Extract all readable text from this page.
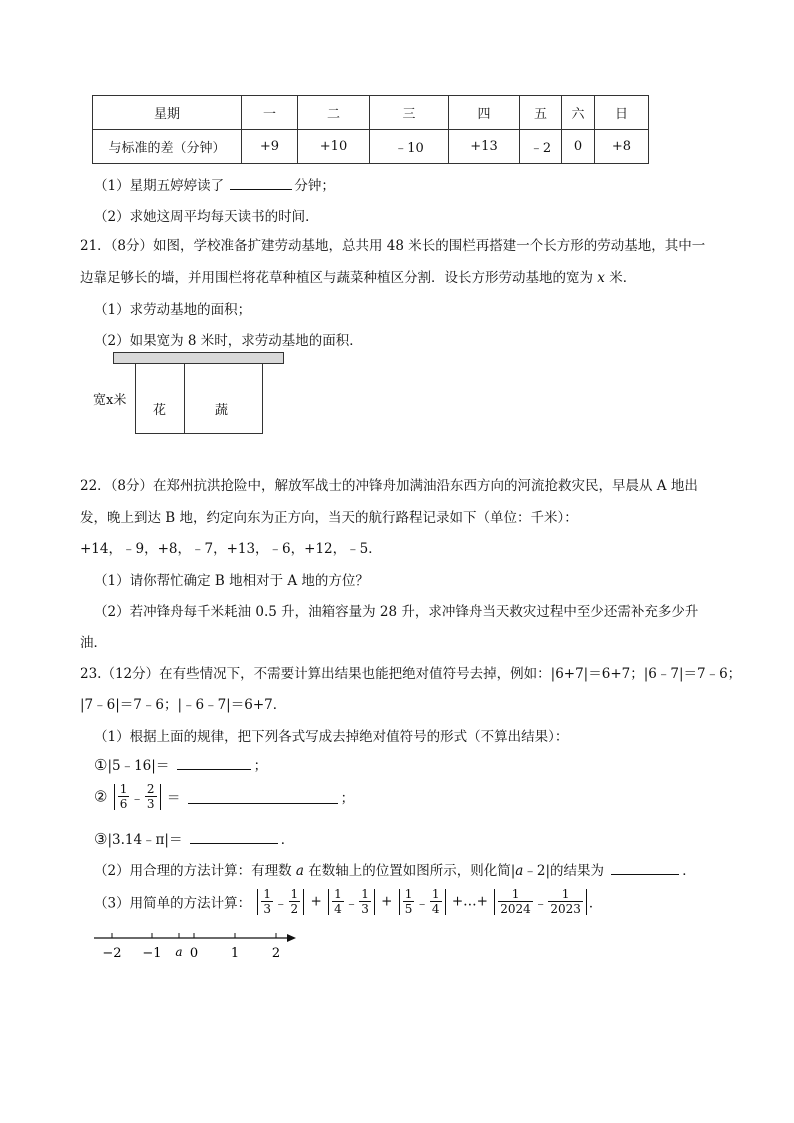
星期	一	二	三	四	五	六	日
与标准的差（分钟）	+9	+10	﹣10	+13	﹣2	0	+8
（1）星期五婷婷读了	分钟；
（2）求她这周平均每天读书的时间．
21．（8分）如图，学校准备扩建劳动基地，总共用 48 米长的围栏再搭建一个长方形的劳动基地，其中一
边靠足够长的墙，并用围栏将花草种植区与蔬菜种植区分割．设长方形劳动基地的宽为 x 米．
（1）求劳动基地的面积；
（2）如果宽为 8 米时，求劳动基地的面积．
宽x米
花	蔬
22．（8分）在郑州抗洪抢险中，解放军战士的冲锋舟加满油沿东西方向的河流抢救灾民，早晨从 A 地出
发，晚上到达 B 地，约定向东为正方向，当天的航行路程记录如下（单位：千米）：
+14，﹣9，+8，﹣7，+13，﹣6，+12，﹣5．
（1）请你帮忙确定 B 地相对于 A 地的方位？
（2）若冲锋舟每千米耗油 0.5 升，油箱容量为 28 升，求冲锋舟当天救灾过程中至少还需补充多少升
油．
23.（12分）在有些情况下，不需要计算出结果也能把绝对值符号去掉，例如：|6+7|＝6+7；|6﹣7|＝7﹣6；
|7﹣6|＝7﹣6；|﹣6﹣7|＝6+7．
（1）根据上面的规律，把下列各式写成去掉绝对值符号的形式（不算出结果）：
①|5﹣16|＝	；
② $\frac{1}{6}$ ﹣ $\frac{2}{3}$ ＝	；
③|3.14﹣π|＝	．
（2）用合理的方法计算：有理数 a 在数轴上的位置如图所示，则化简|a﹣2|的结果为	．
（3）用简单的方法计算： $\frac{1}{3}$ ﹣ $\frac{1}{2} + \frac{1}{4}$ ﹣ $\frac{1}{3} + \frac{1}{5}$ ﹣ $\frac{1}{4}$ +…+ $\frac{1}{2024}$ ﹣ $\frac{1}{2023}$ ．
−2 −1 a 0	1	2
